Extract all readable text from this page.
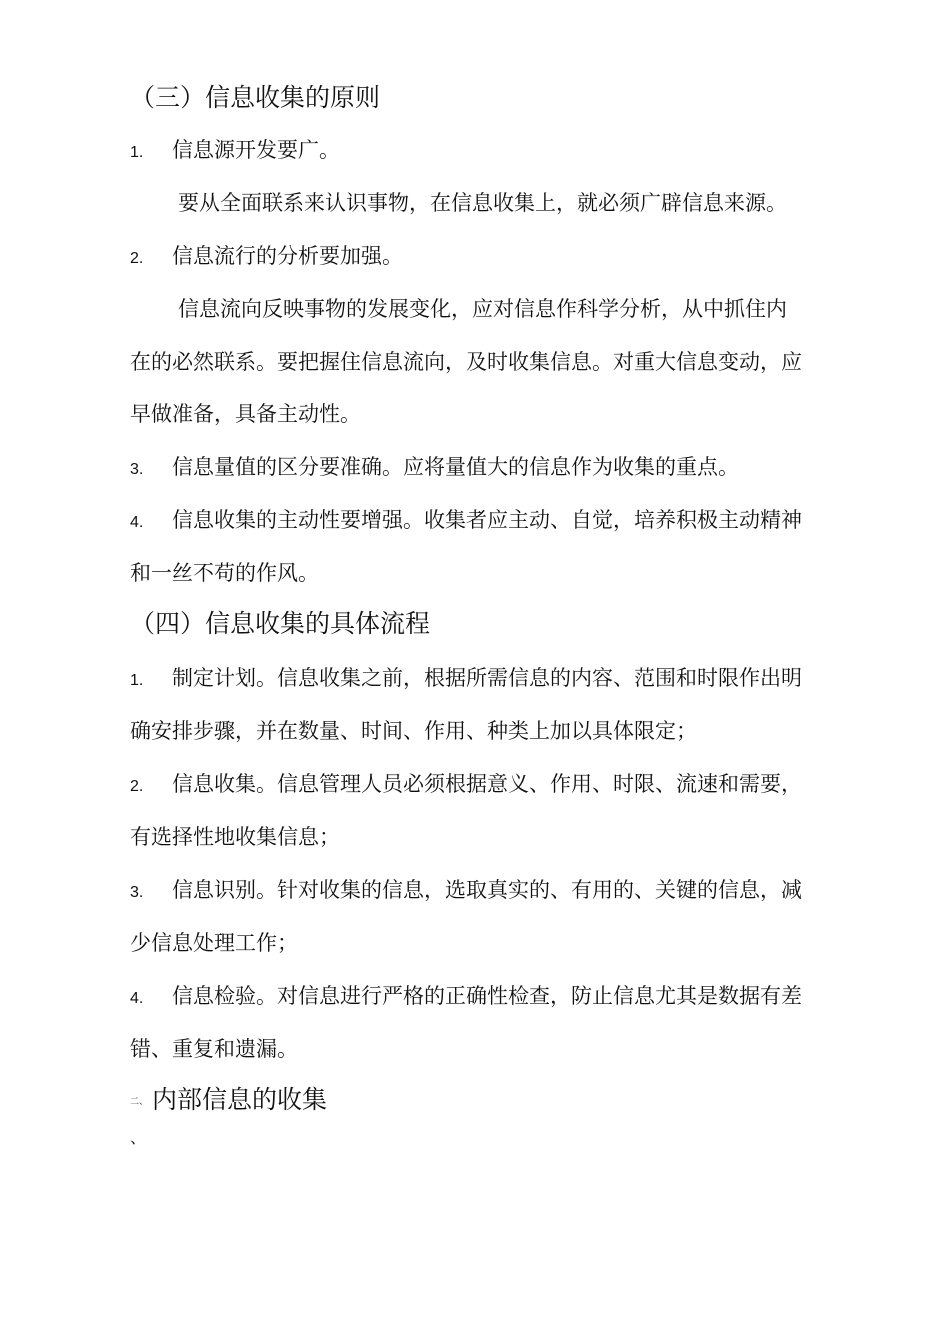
（三）信息收集的原则
1. 信息源开发要广。
要从全面联系来认识事物，在信息收集上，就必须广辟信息来源。
2. 信息流行的分析要加强。
信息流向反映事物的发展变化，应对信息作科学分析，从中抓住内
在的必然联系。要把握住信息流向，及时收集信息。对重大信息变动，应
早做准备，具备主动性。
3. 信息量值的区分要准确。应将量值大的信息作为收集的重点。
4. 信息收集的主动性要增强。收集者应主动、自觉，培养积极主动精神
和一丝不苟的作风。
（四）信息收集的具体流程
1. 制定计划。信息收集之前，根据所需信息的内容、范围和时限作出明
确安排步骤，并在数量、时间、作用、种类上加以具体限定；
2. 信息收集。信息管理人员必须根据意义、作用、时限、流速和需要，
有选择性地收集信息；
3. 信息识别。针对收集的信息，选取真实的、有用的、关键的信息，减
少信息处理工作；
4. 信息检验。对信息进行严格的正确性检查，防止信息尤其是数据有差
错、重复和遗漏。
二、 内部信息的收集
、
